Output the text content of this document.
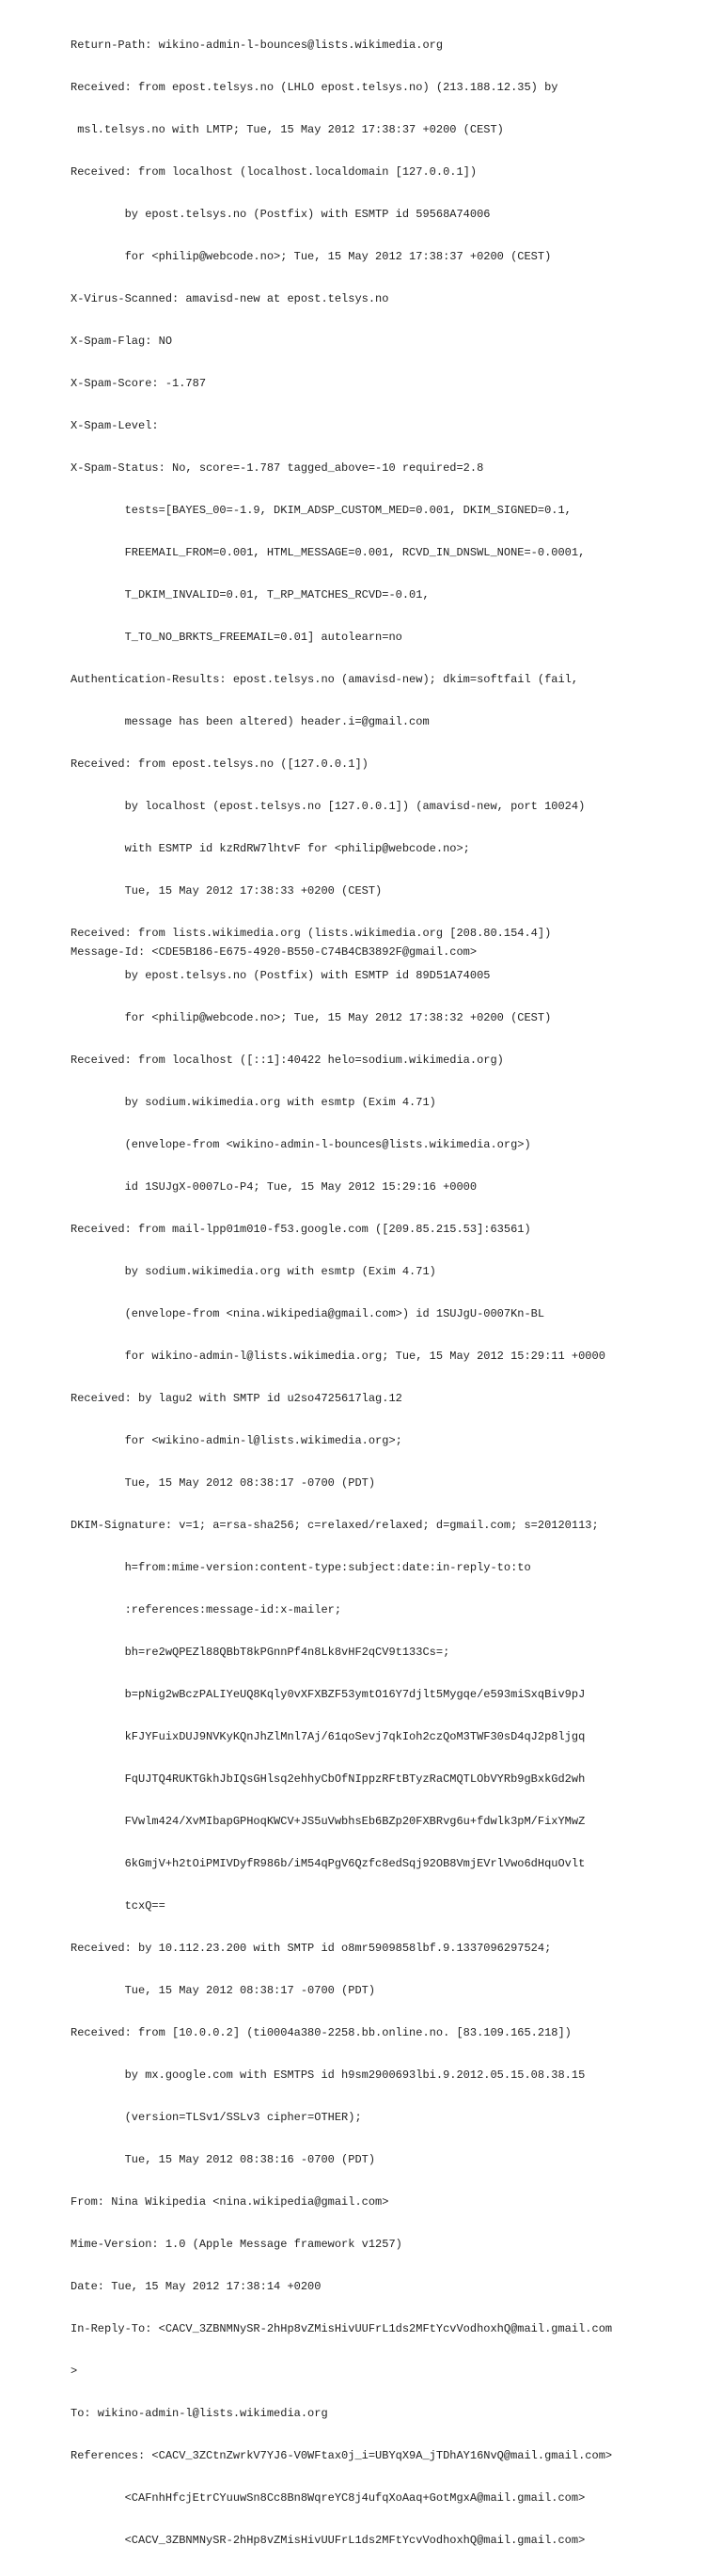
Return-Path: wikino-admin-l-bounces@lists.wikimedia.org

Received: from epost.telsys.no (LHLO epost.telsys.no) (213.188.12.35) by

msl.telsys.no with LMTP; Tue, 15 May 2012 17:38:37 +0200 (CEST)

Received: from localhost (localhost.localdomain [127.0.0.1])

by epost.telsys.no (Postfix) with ESMTP id 59568A74006

for <philip@webcode.no>; Tue, 15 May 2012 17:38:37 +0200 (CEST)

X-Virus-Scanned: amavisd-new at epost.telsys.no

X-Spam-Flag: NO

X-Spam-Score: -1.787

X-Spam-Level:

X-Spam-Status: No, score=-1.787 tagged_above=-10 required=2.8

tests=[BAYES_00=-1.9, DKIM_ADSP_CUSTOM_MED=0.001, DKIM_SIGNED=0.1,

FREEMAIL_FROM=0.001, HTML_MESSAGE=0.001, RCVD_IN_DNSWL_NONE=-0.0001,

T_DKIM_INVALID=0.01, T_RP_MATCHES_RCVD=-0.01,

T_TO_NO_BRKTS_FREEMAIL=0.01] autolearn=no

Authentication-Results: epost.telsys.no (amavisd-new); dkim=softfail (fail,

message has been altered) header.i=@gmail.com

Received: from epost.telsys.no ([127.0.0.1])

by localhost (epost.telsys.no [127.0.0.1]) (amavisd-new, port 10024)

with ESMTP id kzRdRW7lhtvF for <philip@webcode.no>;

Tue, 15 May 2012 17:38:33 +0200 (CEST)

Received: from lists.wikimedia.org (lists.wikimedia.org [208.80.154.4])

by epost.telsys.no (Postfix) with ESMTP id 89D51A74005

for <philip@webcode.no>; Tue, 15 May 2012 17:38:32 +0200 (CEST)

Received: from localhost ([::1]:40422 helo=sodium.wikimedia.org)

by sodium.wikimedia.org with esmtp (Exim 4.71)

(envelope-from <wikino-admin-l-bounces@lists.wikimedia.org>)

id 1SUJgX-0007Lo-P4; Tue, 15 May 2012 15:29:16 +0000

Received: from mail-lpp01m010-f53.google.com ([209.85.215.53]:63561)

by sodium.wikimedia.org with esmtp (Exim 4.71)

(envelope-from <nina.wikipedia@gmail.com>) id 1SUJgU-0007Kn-BL

for wikino-admin-l@lists.wikimedia.org; Tue, 15 May 2012 15:29:11 +0000

Received: by lagu2 with SMTP id u2so4725617lag.12

for <wikino-admin-l@lists.wikimedia.org>;

Tue, 15 May 2012 08:38:17 -0700 (PDT)

DKIM-Signature: v=1; a=rsa-sha256; c=relaxed/relaxed; d=gmail.com; s=20120113;

h=from:mime-version:content-type:subject:date:in-reply-to:to

:references:message-id:x-mailer;

bh=re2wQPEZl88QBbT8kPGnnPf4n8Lk8vHF2qCV9t133Cs=;

b=pNig2wBczPALIYeUQ8Kqly0vXFXBZF53ymtO16Y7djlt5Mygqe/e593miSxqBiv9pJ

kFJYFuixDUJ9NVKyKQnJhZlMnl7Aj/61qoSevj7qkIoh2czQoM3TWF30sD4qJ2p8ljgq

FqUJTQ4RUKTGkhJbIQsGHlsq2ehhyCbOfNIppzRFtBTyzRaCMQTLObVYRb9gBxkGd2wh

FVwlm424/XvMIbapGPHoqKWCV+JS5uVwbhsEb6BZp20FXBRvg6u+fdwlk3pM/FixYMwZ

6kGmjV+h2tOiPMIVDyfR986b/iM54qPgV6Qzfc8edSqj92OB8VmjEVrlVwo6dHquOvlt

tcxQ==

Received: by 10.112.23.200 with SMTP id o8mr5909858lbf.9.1337096297524;

Tue, 15 May 2012 08:38:17 -0700 (PDT)

Received: from [10.0.0.2] (ti0004a380-2258.bb.online.no. [83.109.165.218])

by mx.google.com with ESMTPS id h9sm2900693lbi.9.2012.05.15.08.38.15

(version=TLSv1/SSLv3 cipher=OTHER);

Tue, 15 May 2012 08:38:16 -0700 (PDT)

From: Nina Wikipedia <nina.wikipedia@gmail.com>

Mime-Version: 1.0 (Apple Message framework v1257)

Date: Tue, 15 May 2012 17:38:14 +0200

In-Reply-To: <CACV_3ZBNMNySR-2hHp8vZMisHivUUFrL1ds2MFtYcvVodhoxhQ@mail.gmail.com

>

To: wikino-admin-l@lists.wikimedia.org

References: <CACV_3ZCtnZwrkV7YJ6-V0WFtax0j_i=UBYqX9A_jTDhAY16NvQ@mail.gmail.com>

<CAFnhHfcjEtrCYuuwSn8Cc8Bn8WqreYC8j4ufqXoAaq+GotMgxA@mail.gmail.com>

<CACV_3ZBNMNySR-2hHp8vZMisHivUUFrL1ds2MFtYcvVodhoxhQ@mail.gmail.com>

Message-Id: <CDE5B186-E675-4920-B550-C74B4CB3892F@gmail.com>
